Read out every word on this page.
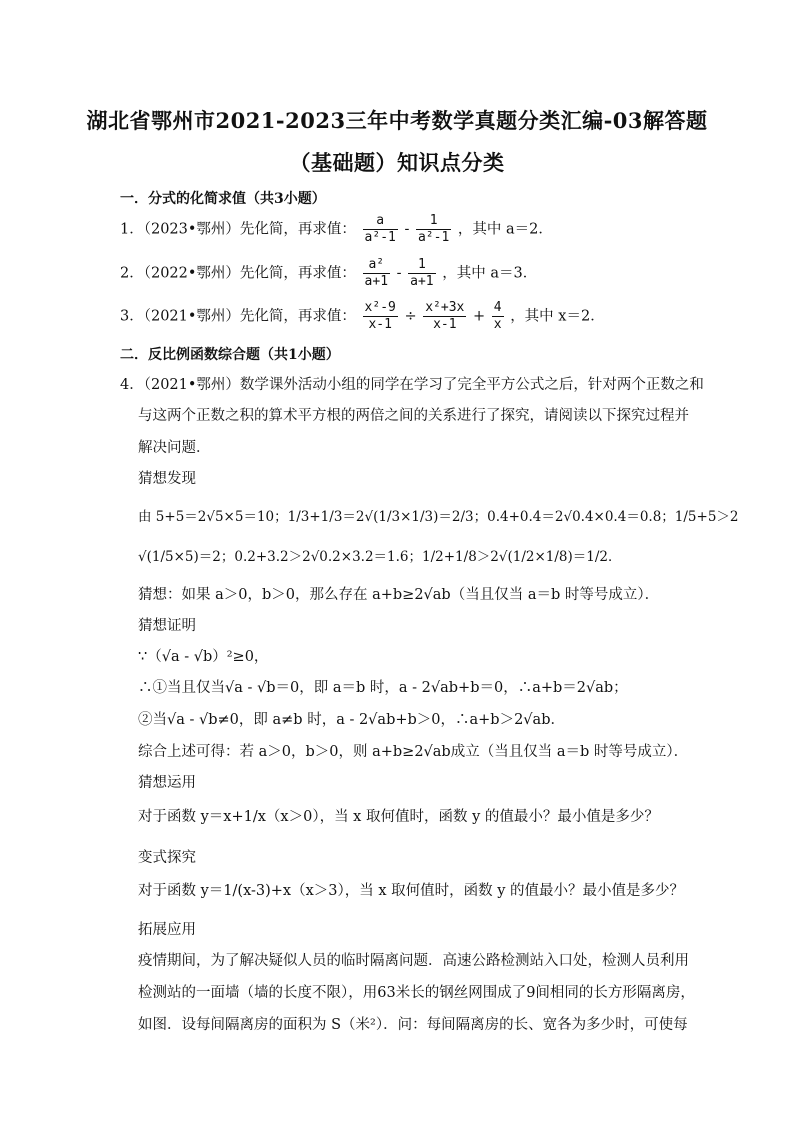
湖北省鄂州市2021-2023三年中考数学真题分类汇编-03解答题
（基础题）知识点分类
一．分式的化简求值（共3小题）
1．（2023•鄂州）先化简，再求值： $\frac{a}{\text{a²-1}} - \frac{1}{\text{a²-1}}$ ，其中 a＝2．
2．（2022•鄂州）先化简，再求值： $\frac{\text{a²}}{a+1} - \frac{1}{a+1}$ ，其中 a＝3．
3．（2021•鄂州）先化简，再求值： $\frac{\text{x²-9}}{x-1} \div \frac{\text{x²+3x}}{x-1} + \frac{4}{x}$ ，其中 x＝2．
二．反比例函数综合题（共1小题）
4．（2021•鄂州）数学课外活动小组的同学在学习了完全平方公式之后，针对两个正数之和
与这两个正数之积的算术平方根的两倍之间的关系进行了探究，请阅读以下探究过程并
解决问题．
猜想发现
由 5+5＝2√5×5＝10；1/3+1/3＝2√(1/3×1/3)＝2/3；0.4+0.4＝2√0.4×0.4＝0.8；1/5+5＞2
√(1/5×5)＝2；0.2+3.2＞2√0.2×3.2＝1.6；1/2+1/8＞2√(1/2×1/8)＝1/2．
猜想：如果 a＞0，b＞0，那么存在 a+b≥2√ab（当且仅当 a＝b 时等号成立）．
猜想证明
∵（√a - √b）²≥0，
∴①当且仅当√a - √b＝0，即 a＝b 时，a - 2√ab+b＝0，∴a+b＝2√ab；
②当√a - √b≠0，即 a≠b 时，a - 2√ab+b＞0，∴a+b＞2√ab．
综合上述可得：若 a＞0，b＞0，则 a+b≥2√ab成立（当且仅当 a＝b 时等号成立）．
猜想运用
对于函数 y＝x+1/x（x＞0），当 x 取何值时，函数 y 的值最小？最小值是多少？
变式探究
对于函数 y＝1/(x-3)+x（x＞3），当 x 取何值时，函数 y 的值最小？最小值是多少？
拓展应用
疫情期间，为了解决疑似人员的临时隔离问题．高速公路检测站入口处，检测人员利用
检测站的一面墙（墙的长度不限），用63米长的钢丝网围成了9间相同的长方形隔离房，
如图．设每间隔离房的面积为 S（米²）．问：每间隔离房的长、宽各为多少时，可使每
